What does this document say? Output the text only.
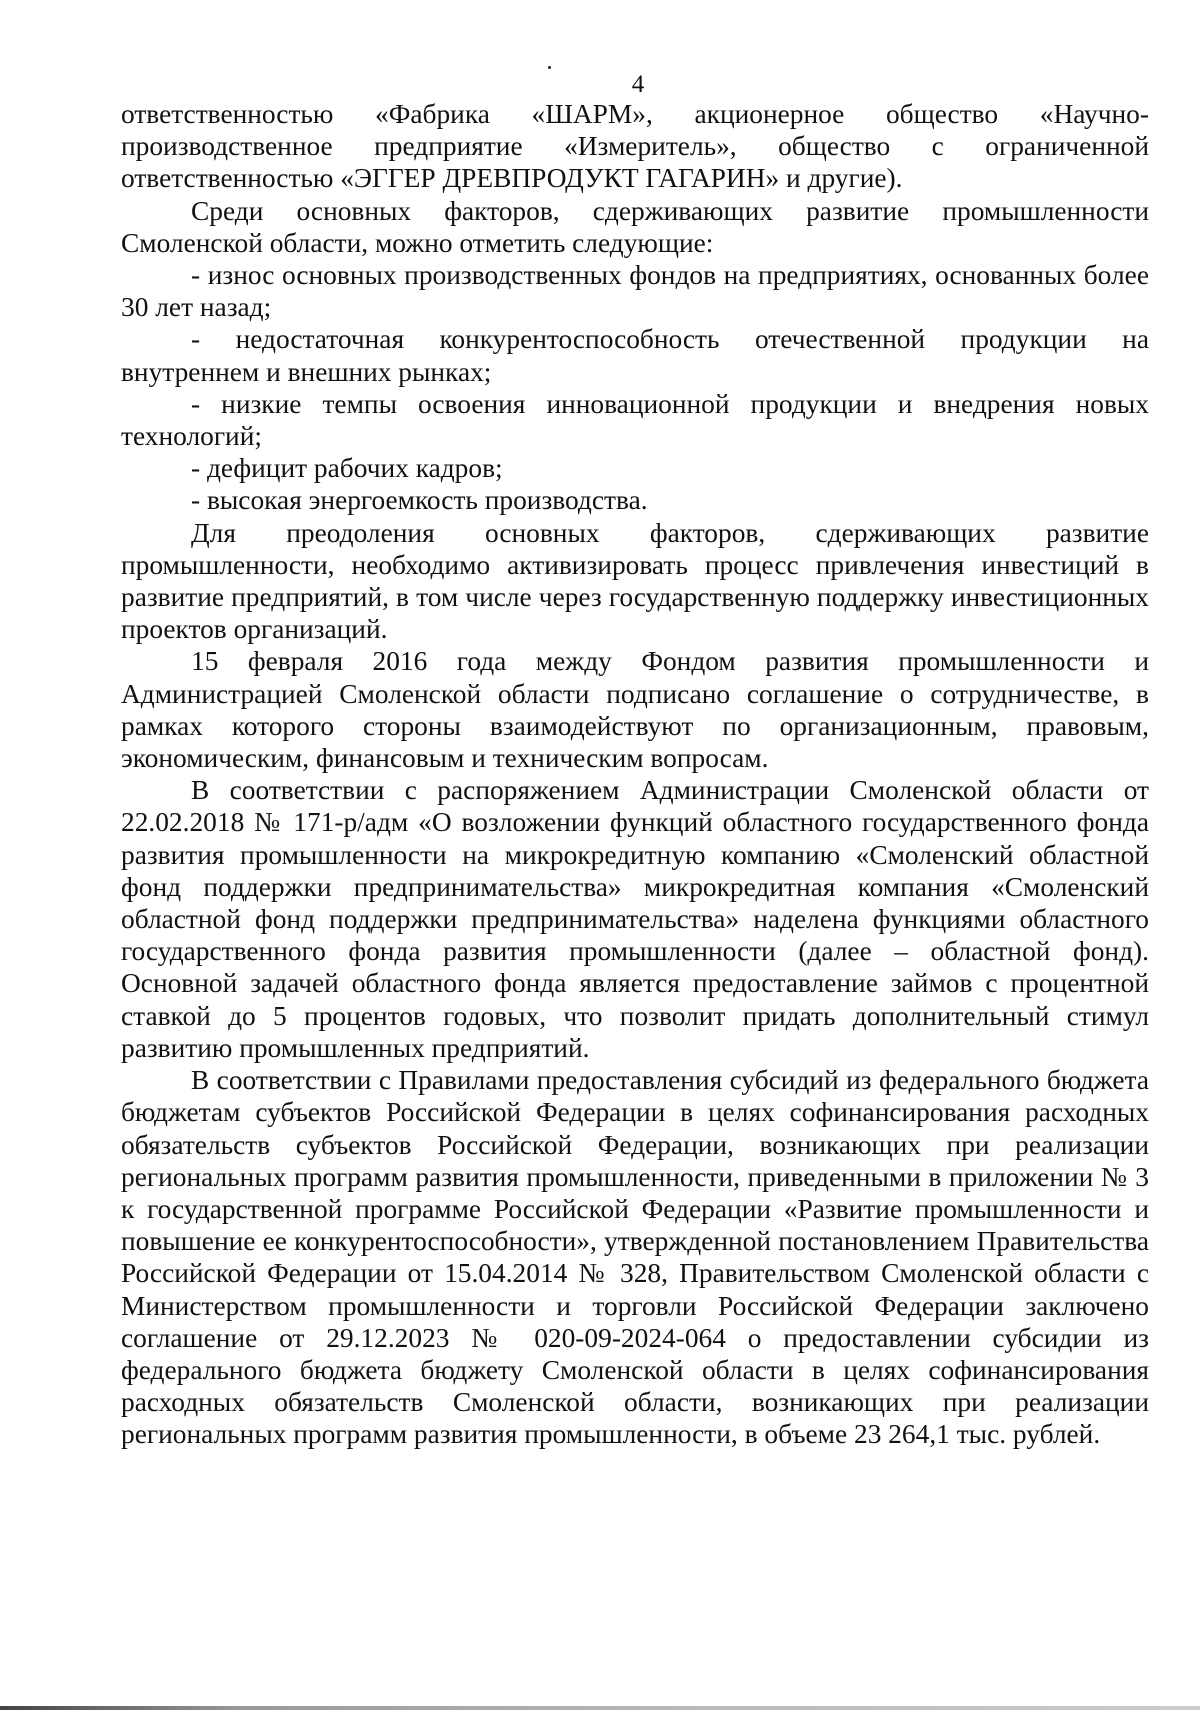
4

ответственностью «Фабрика «ШАРМ», акционерное общество «Научно-производственное предприятие «Измеритель», общество с ограниченной ответственностью «ЭГГЕР ДРЕВПРОДУКТ ГАГАРИН» и другие).

Среди основных факторов, сдерживающих развитие промышленности Смоленской области, можно отметить следующие:

- износ основных производственных фондов на предприятиях, основанных более 30 лет назад;

- недостаточная конкурентоспособность отечественной продукции на внутреннем и внешних рынках;

- низкие темпы освоения инновационной продукции и внедрения новых технологий;

- дефицит рабочих кадров;

- высокая энергоемкость производства.

Для преодоления основных факторов, сдерживающих развитие промышленности, необходимо активизировать процесс привлечения инвестиций в развитие предприятий, в том числе через государственную поддержку инвестиционных проектов организаций.

15 февраля 2016 года между Фондом развития промышленности и Администрацией Смоленской области подписано соглашение о сотрудничестве, в рамках которого стороны взаимодействуют по организационным, правовым, экономическим, финансовым и техническим вопросам.

В соответствии с распоряжением Администрации Смоленской области от 22.02.2018 № 171-р/адм «О возложении функций областного государственного фонда развития промышленности на микрокредитную компанию «Смоленский областной фонд поддержки предпринимательства» микрокредитная компания «Смоленский областной фонд поддержки предпринимательства» наделена функциями областного государственного фонда развития промышленности (далее – областной фонд). Основной задачей областного фонда является предоставление займов с процентной ставкой до 5 процентов годовых, что позволит придать дополнительный стимул развитию промышленных предприятий.

В соответствии с Правилами предоставления субсидий из федерального бюджета бюджетам субъектов Российской Федерации в целях софинансирования расходных обязательств субъектов Российской Федерации, возникающих при реализации региональных программ развития промышленности, приведенными в приложении № 3 к государственной программе Российской Федерации «Развитие промышленности и повышение ее конкурентоспособности», утвержденной постановлением Правительства Российской Федерации от 15.04.2014 № 328, Правительством Смоленской области с Министерством промышленности и торговли Российской Федерации заключено соглашение от 29.12.2023 № 020-09-2024-064 о предоставлении субсидии из федерального бюджета бюджету Смоленской области в целях софинансирования расходных обязательств Смоленской области, возникающих при реализации региональных программ развития промышленности, в объеме 23 264,1 тыс. рублей.
